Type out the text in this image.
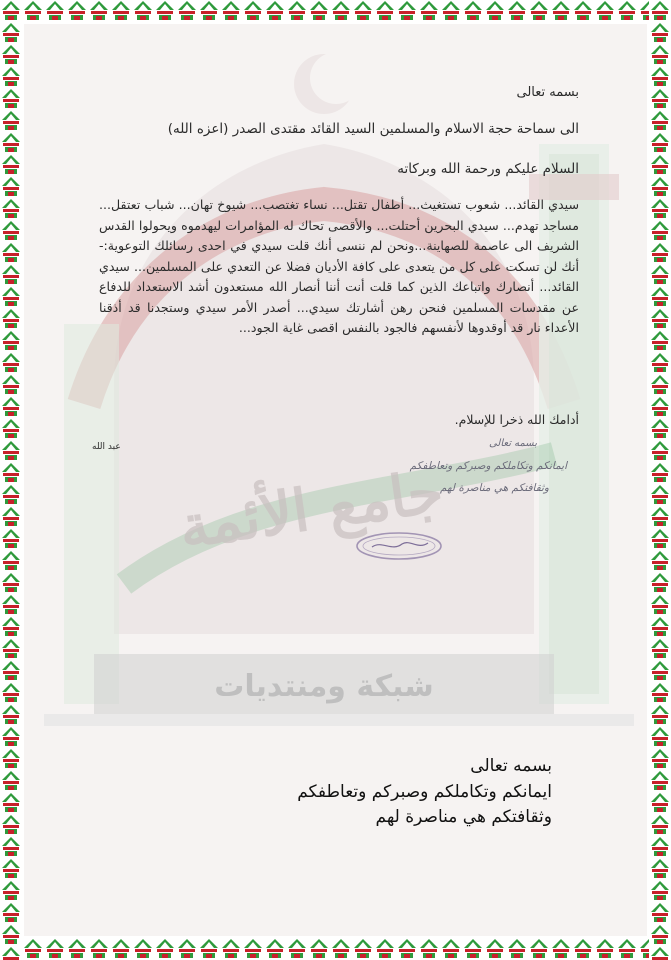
شبكة ومنتديات
جامع الأئمة
بسمه تعالى
الى سماحة حجة الاسلام والمسلمين السيد القائد مقتدى الصدر (اعزه الله)
السلام عليكم ورحمة الله وبركاته
سيدي القائد... شعوب تستغيث... أطفال تقتل... نساء تغتصب... شيوخ تهان... شباب تعتقل... مساجد تهدم... سيدي البحرين أحتلت... والأقصى تحاك له المؤامرات ليهدموه ويحولوا القدس الشريف الى عاصمة للصهاينة...ونحن لم ننسى أنك قلت سيدي في احدى رسائلك التوعوية:- أنك لن تسكت على كل من يتعدى على كافة الأديان فضلا عن التعدي على المسلمين... سيدي القائد... أنصارك واتباعك الذين كما قلت أنت أننا أنصار الله مستعدون أشد الاستعداد للدفاع عن مقدسات المسلمين فنحن رهن أشارتك سيدي... أصدر الأمر سيدي وستجدنا قد أذقنا الأعداء نار قد أوقدوها لأنفسهم فالجود بالنفس اقصى غاية الجود...
أدامك الله ذخرا للإسلام.
عبد الله	بسمه تعالى
ايمانكم وتكاملكم وصبركم وتعاطفكم
وثقافتكم هي مناصرة لهم
بسمه تعالى
ايمانكم وتكاملكم وصبركم وتعاطفكم
وثقافتكم هي مناصرة لهم
